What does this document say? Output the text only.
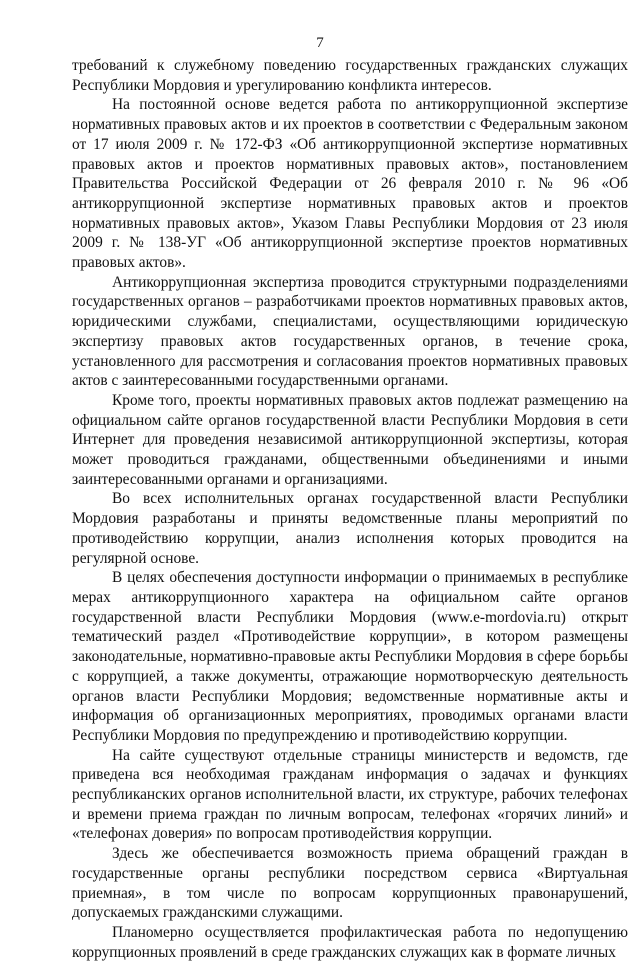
7

требований к служебному поведению государственных гражданских служащих Республики Мордовия и урегулированию конфликта интересов.

На постоянной основе ведется работа по антикоррупционной экспертизе нормативных правовых актов и их проектов в соответствии с Федеральным законом от 17 июля 2009 г. № 172-ФЗ «Об антикоррупционной экспертизе нормативных правовых актов и проектов нормативных правовых актов», постановлением Правительства Российской Федерации от 26 февраля 2010 г. № 96 «Об антикоррупционной экспертизе нормативных правовых актов и проектов нормативных правовых актов», Указом Главы Республики Мордовия от 23 июля 2009 г. № 138-УГ «Об антикоррупционной экспертизе проектов нормативных правовых актов».

Антикоррупционная экспертиза проводится структурными подразделениями государственных органов – разработчиками проектов нормативных правовых актов, юридическими службами, специалистами, осуществляющими юридическую экспертизу правовых актов государственных органов, в течение срока, установленного для рассмотрения и согласования проектов нормативных правовых актов с заинтересованными государственными органами.

Кроме того, проекты нормативных правовых актов подлежат размещению на официальном сайте органов государственной власти Республики Мордовия в сети Интернет для проведения независимой антикоррупционной экспертизы, которая может проводиться гражданами, общественными объединениями и иными заинтересованными органами и организациями.

Во всех исполнительных органах государственной власти Республики Мордовия разработаны и приняты ведомственные планы мероприятий по противодействию коррупции, анализ исполнения которых проводится на регулярной основе.

В целях обеспечения доступности информации о принимаемых в республике мерах антикоррупционного характера на официальном сайте органов государственной власти Республики Мордовия (www.e-mordovia.ru) открыт тематический раздел «Противодействие коррупции», в котором размещены законодательные, нормативно-правовые акты Республики Мордовия в сфере борьбы с коррупцией, а также документы, отражающие нормотворческую деятельность органов власти Республики Мордовия; ведомственные нормативные акты и информация об организационных мероприятиях, проводимых органами власти Республики Мордовия по предупреждению и противодействию коррупции.

На сайте существуют отдельные страницы министерств и ведомств, где приведена вся необходимая гражданам информация о задачах и функциях республиканских органов исполнительной власти, их структуре, рабочих телефонах и времени приема граждан по личным вопросам, телефонах «горячих линий» и «телефонах доверия» по вопросам противодействия коррупции.

Здесь же обеспечивается возможность приема обращений граждан в государственные органы республики посредством сервиса «Виртуальная приемная», в том числе по вопросам коррупционных правонарушений, допускаемых гражданскими служащими.

Планомерно осуществляется профилактическая работа по недопущению коррупционных проявлений в среде гражданских служащих как в формате личных
